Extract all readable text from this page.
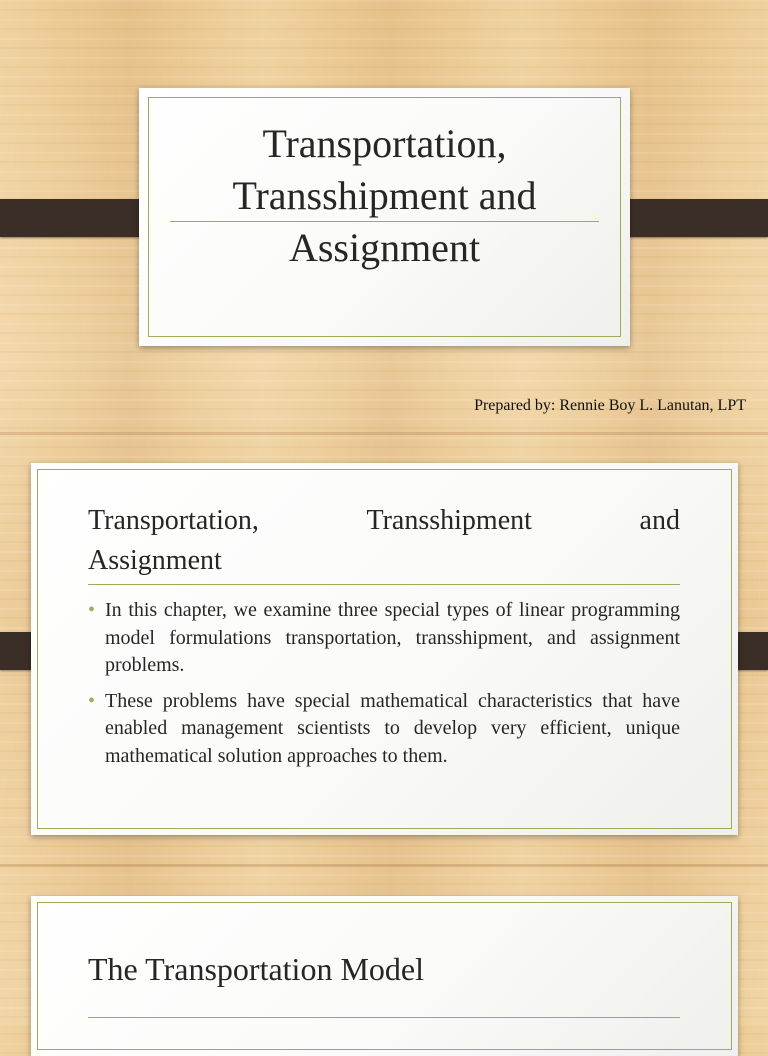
Transportation,
Transshipment and
Assignment
Prepared by: Rennie Boy L. Lanutan, LPT
Transportation,	Transshipment	and
Assignment
• In this chapter, we examine three special types of linear programming model formulations transportation, transshipment, and assignment problems.
• These problems have special mathematical characteristics that have enabled management scientists to develop very efficient, unique mathematical solution approaches to them.
The Transportation Model
